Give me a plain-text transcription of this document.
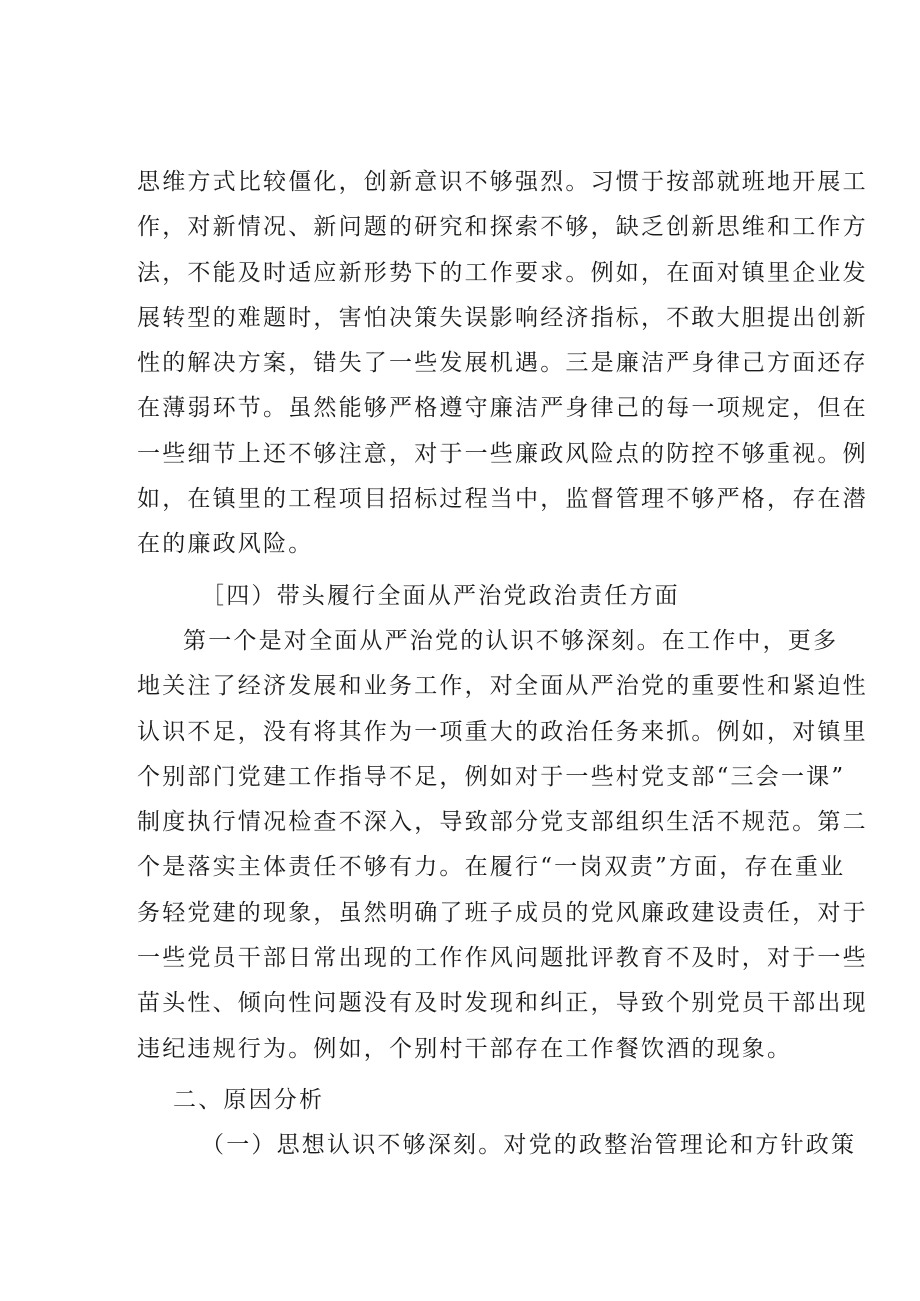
思维方式比较僵化，创新意识不够强烈。习惯于按部就班地开展工
作，对新情况、新问题的研究和探索不够，缺乏创新思维和工作方
法，不能及时适应新形势下的工作要求。例如，在面对镇里企业发
展转型的难题时，害怕决策失误影响经济指标，不敢大胆提出创新
性的解决方案，错失了一些发展机遇。三是廉洁严身律己方面还存
在薄弱环节。虽然能够严格遵守廉洁严身律己的每一项规定，但在
一些细节上还不够注意，对于一些廉政风险点的防控不够重视。例
如，在镇里的工程项目招标过程当中，监督管理不够严格，存在潜
在的廉政风险。

［四）带头履行全面从严治党政治责任方面

第一个是对全面从严治党的认识不够深刻。在工作中，更多
地关注了经济发展和业务工作，对全面从严治党的重要性和紧迫性
认识不足，没有将其作为一项重大的政治任务来抓。例如，对镇里
个别部门党建工作指导不足，例如对于一些村党支部“三会一课”
制度执行情况检查不深入，导致部分党支部组织生活不规范。第二
个是落实主体责任不够有力。在履行“一岗双责”方面，存在重业
务轻党建的现象，虽然明确了班子成员的党风廉政建设责任，对于
一些党员干部日常出现的工作作风问题批评教育不及时，对于一些
苗头性、倾向性问题没有及时发现和纠正，导致个别党员干部出现
违纪违规行为。例如，个别村干部存在工作餐饮酒的现象。

二、原因分析

（一）思想认识不够深刻。对党的政整治管理论和方针政策
